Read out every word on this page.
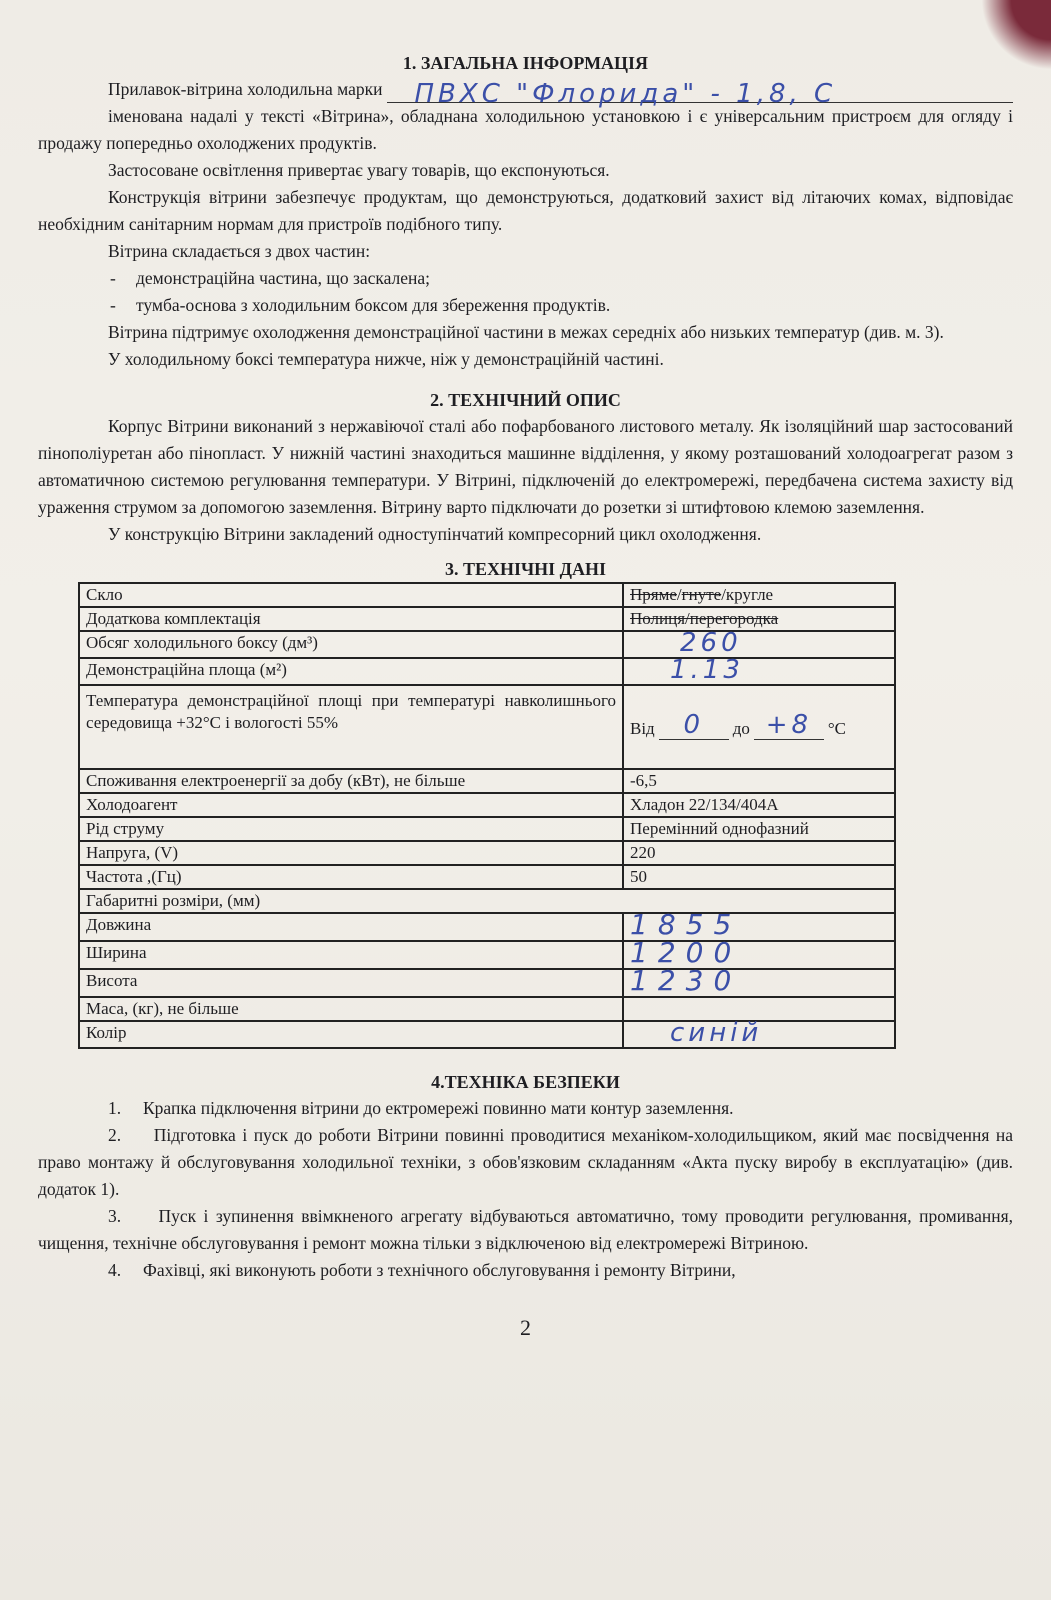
1. ЗАГАЛЬНА ІНФОРМАЦІЯ
Прилавок-вітрина холодильна марки ПВХС "Флорида" - 1,8, С

іменована надалі у тексті «Вітрина», обладнана холодильною установкою і є універсальним пристроєм для огляду і продажу попередньо охолоджених продуктів.

Застосоване освітлення привертає увагу товарів, що експонуються.

Конструкція вітрини забезпечує продуктам, що демонструються, додатковий захист від літаючих комах, відповідає необхідним санітарним нормам для пристроїв подібного типу.

Вітрина складається з двох частин:

- демонстраційна частина, що заскалена;

- тумба-основа з холодильним боксом для збереження продуктів.

Вітрина підтримує охолодження демонстраційної частини в межах середніх або низьких температур (див. м. 3).

У холодильному боксі температура нижче, ніж у демонстраційній частині.

2. ТЕХНІЧНИЙ ОПИС

Корпус Вітрини виконаний з нержавіючої сталі або пофарбованого листового металу. Як ізоляційний шар застосований пінополіуретан або пінопласт. У нижній частині знаходиться машинне відділення, у якому розташований холодоагрегат разом з автоматичною системою регулювання температури. У Вітрині, підключеній до електромережі, передбачена система захисту від ураження струмом за допомогою заземлення. Вітрину варто підключати до розетки зі штифтовою клемою заземлення.

У конструкцію Вітрини закладений одноступінчатий компресорний цикл охолодження.

3. ТЕХНІЧНІ ДАНІ
Скло	Пряме/гнуте/кругле
Додаткова комплектація	Полиця/перегородка
Обсяг холодильного боксу (дм³)	260
Демонстраційна площа (м²)	1.13
Температура демонстраційної площі при температурі навколишнього середовища +32°С і вологості 55%	Від 0 до +8 °С

Споживання електроенергії за добу (кВт), не більше	-6,5
Холодоагент	Хладон 22/134/404А
Рід струму	Перемінний однофазний
Напруга, (V)	220
Частота ,(Гц)	50
Габаритні розміри, (мм)	
Довжина	1855
Ширина	1200
Висота	1230
Маса, (кг), не більше	
Колір	синій
4.ТЕХНІКА БЕЗПЕКИ
1. Крапка підключення вітрини до ектромережі повинно мати контур заземлення.
2. Підготовка і пуск до роботи Вітрини повинні проводитися механіком-холодильщиком, який має посвідчення на право монтажу й обслуговування холодильної техніки, з обов'язковим складанням «Акта пуску виробу в експлуатацію» (див. додаток 1).
3. Пуск і зупинення ввімкненого агрегату відбуваються автоматично, тому проводити регулювання, промивання, чищення, технічне обслуговування і ремонт можна тільки з відключеною від електромережі Вітриною.
4. Фахівці, які виконують роботи з технічного обслуговування і ремонту Вітрини,
2
